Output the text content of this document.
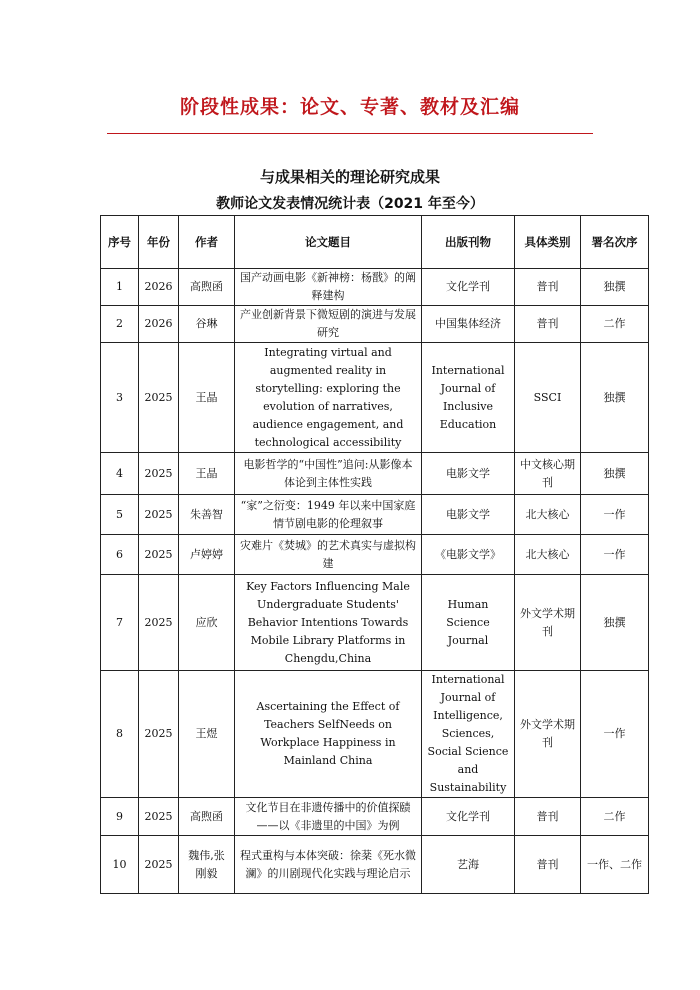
阶段性成果：论文、专著、教材及汇编
与成果相关的理论研究成果
教师论文发表情况统计表（2021 年至今）
序号	年份	作者	论文题目	出版刊物	具体类别	署名次序
1	2026	高煦函	国产动画电影《新神榜：杨戬》的阐释建构	文化学刊	普刊	独撰
2	2026	谷琳	产业创新背景下微短剧的演进与发展研究	中国集体经济	普刊	二作
3	2025	王晶	Integrating virtual and augmented reality in storytelling: exploring the evolution of narratives, audience engagement, and technological accessibility	International Journal of Inclusive Education	SSCI	独撰
4	2025	王晶	电影哲学的“中国性”追问:从影像本体论到主体性实践	电影文学	中文核心期刊	独撰
5	2025	朱善智	“家”之衍变：1949 年以来中国家庭情节剧电影的伦理叙事	电影文学	北大核心	一作
6	2025	卢婷婷	灾难片《焚城》的艺术真实与虚拟构建	《电影文学》	北大核心	一作
7	2025	应欣	Key Factors Influencing Male Undergraduate Students' Behavior Intentions Towards Mobile Library Platforms in Chengdu,China	Human Science Journal	外文学术期刊	独撰
8	2025	王煜	Ascertaining the Effect of Teachers SelfNeeds on Workplace Happiness in Mainland China	International Journal of Intelligence, Sciences, Social Science and Sustainability	外文学术期刊	一作
9	2025	高煦函	文化节目在非遗传播中的价值探赜——以《非遗里的中国》为例	文化学刊	普刊	二作
10	2025	魏伟,张刚毅	程式重构与本体突破：徐棻《死水微澜》的川剧现代化实践与理论启示	艺海	普刊	一作、二作
